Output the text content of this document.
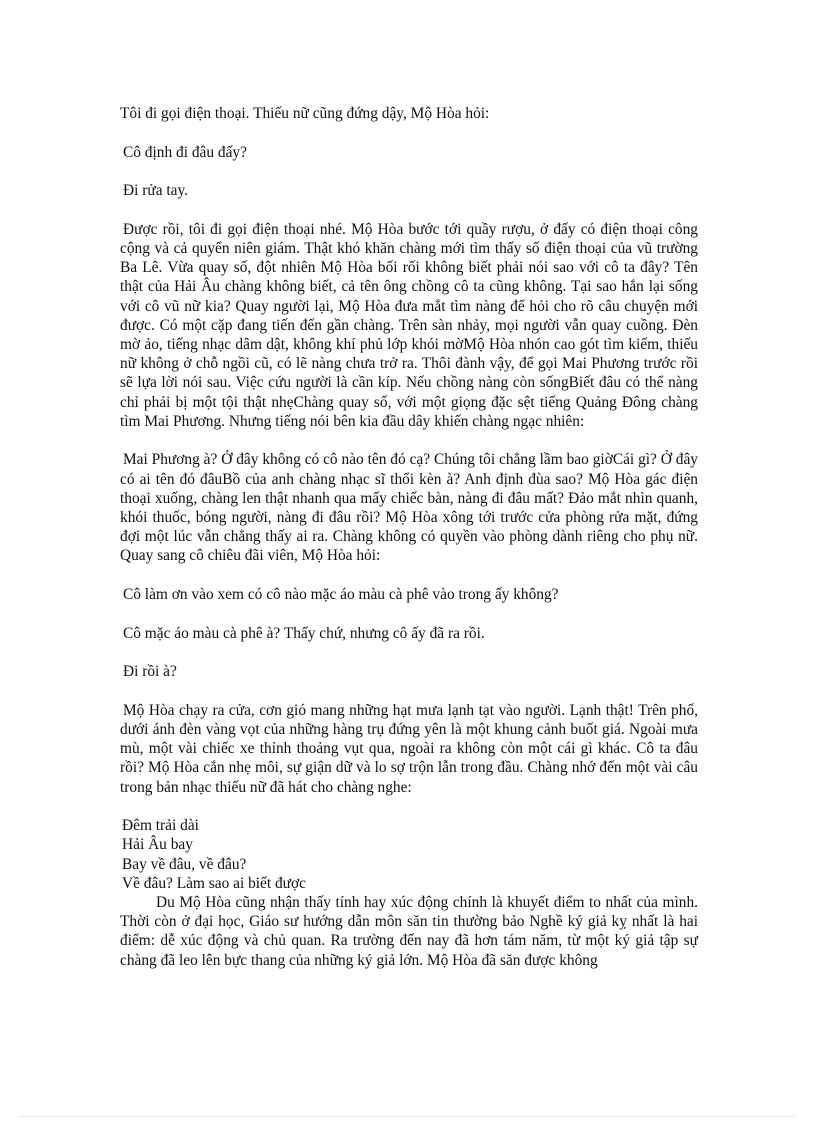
Tôi đi gọi điện thoại. Thiếu nữ cũng đứng dậy, Mộ Hòa hỏi:

Cô định đi đâu đấy?

Đi rửa tay.

Được rồi, tôi đi gọi điện thoại nhé. Mộ Hòa bước tới quầy rượu, ở đấy có điện thoại công cộng và cả quyển niên giám. Thật khó khăn chàng mới tìm thấy số điện thoại của vũ trường Ba Lê. Vừa quay số, đột nhiên Mộ Hòa bối rối không biết phải nói sao với cô ta đây? Tên thật của Hải Âu chàng không biết, cả tên ông chồng cô ta cũng không. Tại sao hắn lại sống với cô vũ nữ kia? Quay người lại, Mộ Hòa đưa mắt tìm nàng để hỏi cho rõ câu chuyện mới được. Có một cặp đang tiến đến gần chàng. Trên sàn nhảy, mọi người vẫn quay cuồng. Đèn mờ ảo, tiếng nhạc dâm dật, không khí phủ lớp khói mờMộ Hòa nhón cao gót tìm kiếm, thiếu nữ không ở chỗ ngồi cũ, có lẽ nàng chưa trở ra. Thôi đành vậy, để gọi Mai Phương trước rồi sẽ lựa lời nói sau. Việc cứu người là cần kíp. Nếu chồng nàng còn sốngBiết đâu có thể nàng chỉ phải bị một tội thật nhẹChàng quay số, với một giọng đặc sệt tiếng Quảng Đông chàng tìm Mai Phương. Nhưng tiếng nói bên kia đầu dây khiến chàng ngạc nhiên:

Mai Phương à? Ở đây không có cô nào tên đó cạ? Chúng tôi chẳng lầm bao giờCái gì? Ở đây có ai tên đó đâuBồ của anh chàng nhạc sĩ thổi kèn à? Anh định đùa sao? Mộ Hòa gác điện thoại xuống, chàng len thật nhanh qua mấy chiếc bàn, nàng đi đâu mất? Đảo mắt nhìn quanh, khói thuốc, bóng người, nàng đi đâu rồi? Mộ Hòa xông tới trước cửa phòng rửa mặt, đứng đợi một lúc vẫn chẳng thấy ai ra. Chàng không có quyền vào phòng dành riêng cho phụ nữ. Quay sang cô chiêu đãi viên, Mộ Hòa hỏi:

Cô làm ơn vào xem có cô nào mặc áo màu cà phê vào trong ấy không?

Cô mặc áo màu cà phê à? Thấy chứ, nhưng cô ấy đã ra rồi.

Đi rồi à?

Mộ Hòa chạy ra cửa, cơn gió mang những hạt mưa lạnh tạt vào người. Lạnh thật! Trên phố, dưới ánh đèn vàng vọt của những hàng trụ đứng yên là một khung cảnh buốt giá. Ngoài mưa mù, một vài chiếc xe thỉnh thoảng vụt qua, ngoài ra không còn một cái gì khác. Cô ta đâu rồi? Mộ Hòa cắn nhẹ môi, sự giận dữ và lo sợ trộn lẫn trong đầu. Chàng nhớ đến một vài câu trong bản nhạc thiếu nữ đã hát cho chàng nghe:

Đêm trải dài
Hải Âu bay
Bay về đâu, về đâu?
Về đâu? Làm sao ai biết được

Du Mộ Hòa cũng nhận thấy tính hay xúc động chính là khuyết điểm to nhất của mình. Thời còn ở đại học, Giáo sư hướng dẫn môn săn tin thường bảo Nghề ký giả kỵ nhất là hai điểm: dễ xúc động và chủ quan. Ra trường đến nay đã hơn tám năm, từ một ký giả tập sự chàng đã leo lên bực thang của những ký giả lớn. Mộ Hòa đã săn được không
